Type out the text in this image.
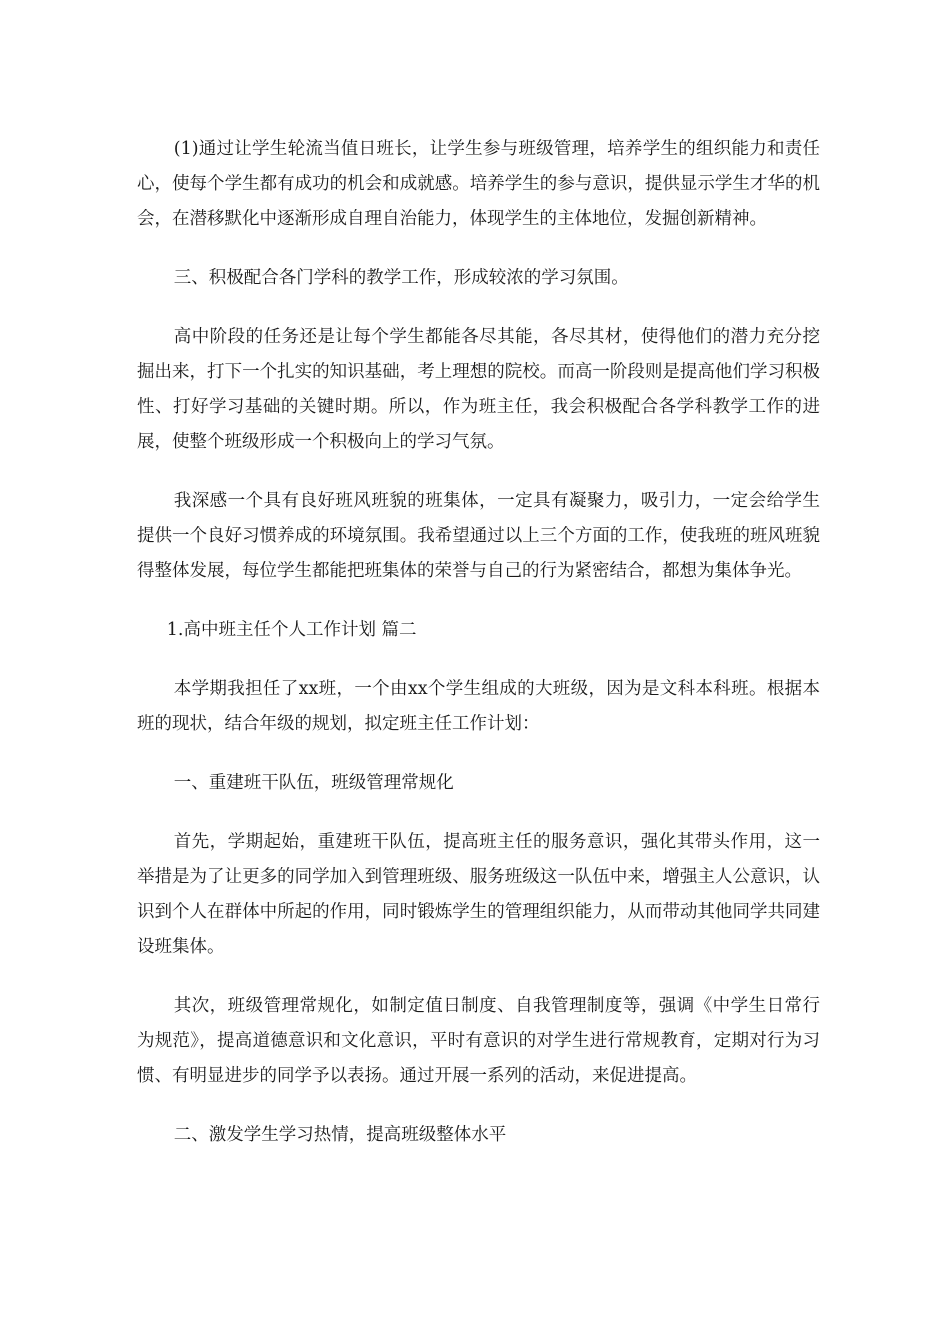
(1)通过让学生轮流当值日班长，让学生参与班级管理，培养学生的组织能力和责任心，使每个学生都有成功的机会和成就感。培养学生的参与意识，提供显示学生才华的机会，在潜移默化中逐渐形成自理自治能力，体现学生的主体地位，发掘创新精神。

三、积极配合各门学科的教学工作，形成较浓的学习氛围。

高中阶段的任务还是让每个学生都能各尽其能，各尽其材，使得他们的潜力充分挖掘出来，打下一个扎实的知识基础，考上理想的院校。而高一阶段则是提高他们学习积极性、打好学习基础的关键时期。所以，作为班主任，我会积极配合各学科教学工作的进展，使整个班级形成一个积极向上的学习气氛。

我深感一个具有良好班风班貌的班集体，一定具有凝聚力，吸引力，一定会给学生提供一个良好习惯养成的环境氛围。我希望通过以上三个方面的工作，使我班的班风班貌得整体发展，每位学生都能把班集体的荣誉与自己的行为紧密结合，都想为集体争光。

1.高中班主任个人工作计划 篇二

本学期我担任了xx班，一个由xx个学生组成的大班级，因为是文科本科班。根据本班的现状，结合年级的规划，拟定班主任工作计划：

一、重建班干队伍，班级管理常规化

首先，学期起始，重建班干队伍，提高班主任的服务意识，强化其带头作用，这一举措是为了让更多的同学加入到管理班级、服务班级这一队伍中来，增强主人公意识，认识到个人在群体中所起的作用，同时锻炼学生的管理组织能力，从而带动其他同学共同建设班集体。

其次，班级管理常规化，如制定值日制度、自我管理制度等，强调《中学生日常行为规范》，提高道德意识和文化意识，平时有意识的对学生进行常规教育，定期对行为习惯、有明显进步的同学予以表扬。通过开展一系列的活动，来促进提高。

二、激发学生学习热情，提高班级整体水平
